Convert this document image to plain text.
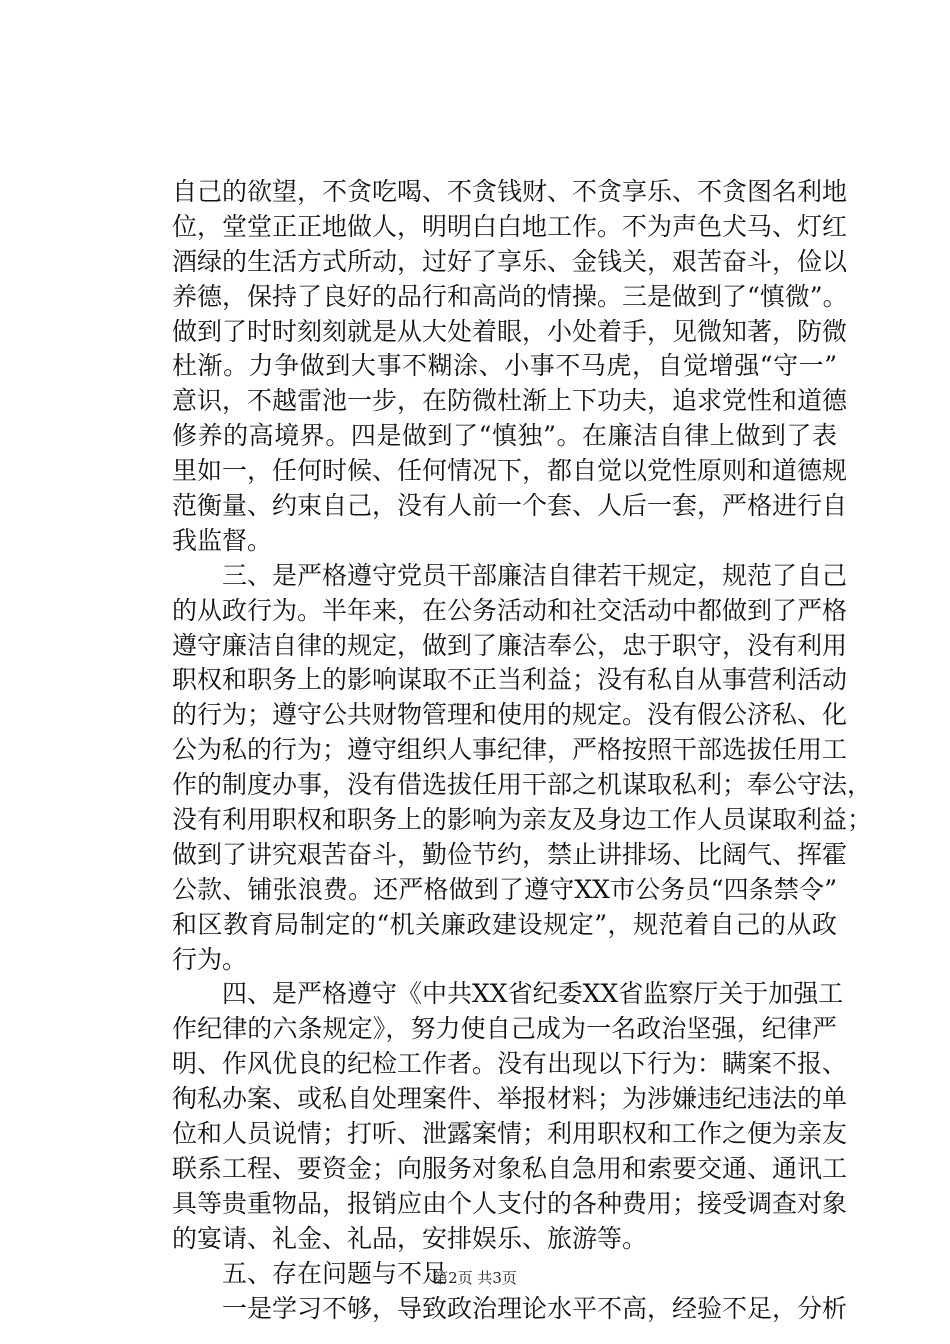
自己的欲望，不贪吃喝、不贪钱财、不贪享乐、不贪图名利地
位，堂堂正正地做人，明明白白地工作。不为声色犬马、灯红
酒绿的生活方式所动，过好了享乐、金钱关，艰苦奋斗，俭以
养德，保持了良好的品行和高尚的情操。三是做到了“慎微”。
做到了时时刻刻就是从大处着眼，小处着手，见微知著，防微
杜渐。力争做到大事不糊涂、小事不马虎，自觉增强“守一”
意识，不越雷池一步，在防微杜渐上下功夫，追求党性和道德
修养的高境界。四是做到了“慎独”。在廉洁自律上做到了表
里如一，任何时候、任何情况下，都自觉以党性原则和道德规
范衡量、约束自己，没有人前一个套、人后一套，严格进行自
我监督。
　　三、是严格遵守党员干部廉洁自律若干规定，规范了自己
的从政行为。半年来，在公务活动和社交活动中都做到了严格
遵守廉洁自律的规定，做到了廉洁奉公，忠于职守，没有利用
职权和职务上的影响谋取不正当利益；没有私自从事营利活动
的行为；遵守公共财物管理和使用的规定。没有假公济私、化
公为私的行为；遵守组织人事纪律，严格按照干部选拔任用工
作的制度办事，没有借选拔任用干部之机谋取私利；奉公守法，
没有利用职权和职务上的影响为亲友及身边工作人员谋取利益；
做到了讲究艰苦奋斗，勤俭节约，禁止讲排场、比阔气、挥霍
公款、铺张浪费。还严格做到了遵守XX市公务员“四条禁令”
和区教育局制定的“机关廉政建设规定”，规范着自己的从政
行为。
　　四、是严格遵守《中共XX省纪委XX省监察厅关于加强工
作纪律的六条规定》，努力使自己成为一名政治坚强，纪律严
明、作风优良的纪检工作者。没有出现以下行为：瞒案不报、
徇私办案、或私自处理案件、举报材料；为涉嫌违纪违法的单
位和人员说情；打听、泄露案情；利用职权和工作之便为亲友
联系工程、要资金；向服务对象私自急用和索要交通、通讯工
具等贵重物品，报销应由个人支付的各种费用；接受调查对象
的宴请、礼金、礼品，安排娱乐、旅游等。
　　五、存在问题与不足
　　一是学习不够，导致政治理论水平不高，经验不足，分析
第2页 共3页
